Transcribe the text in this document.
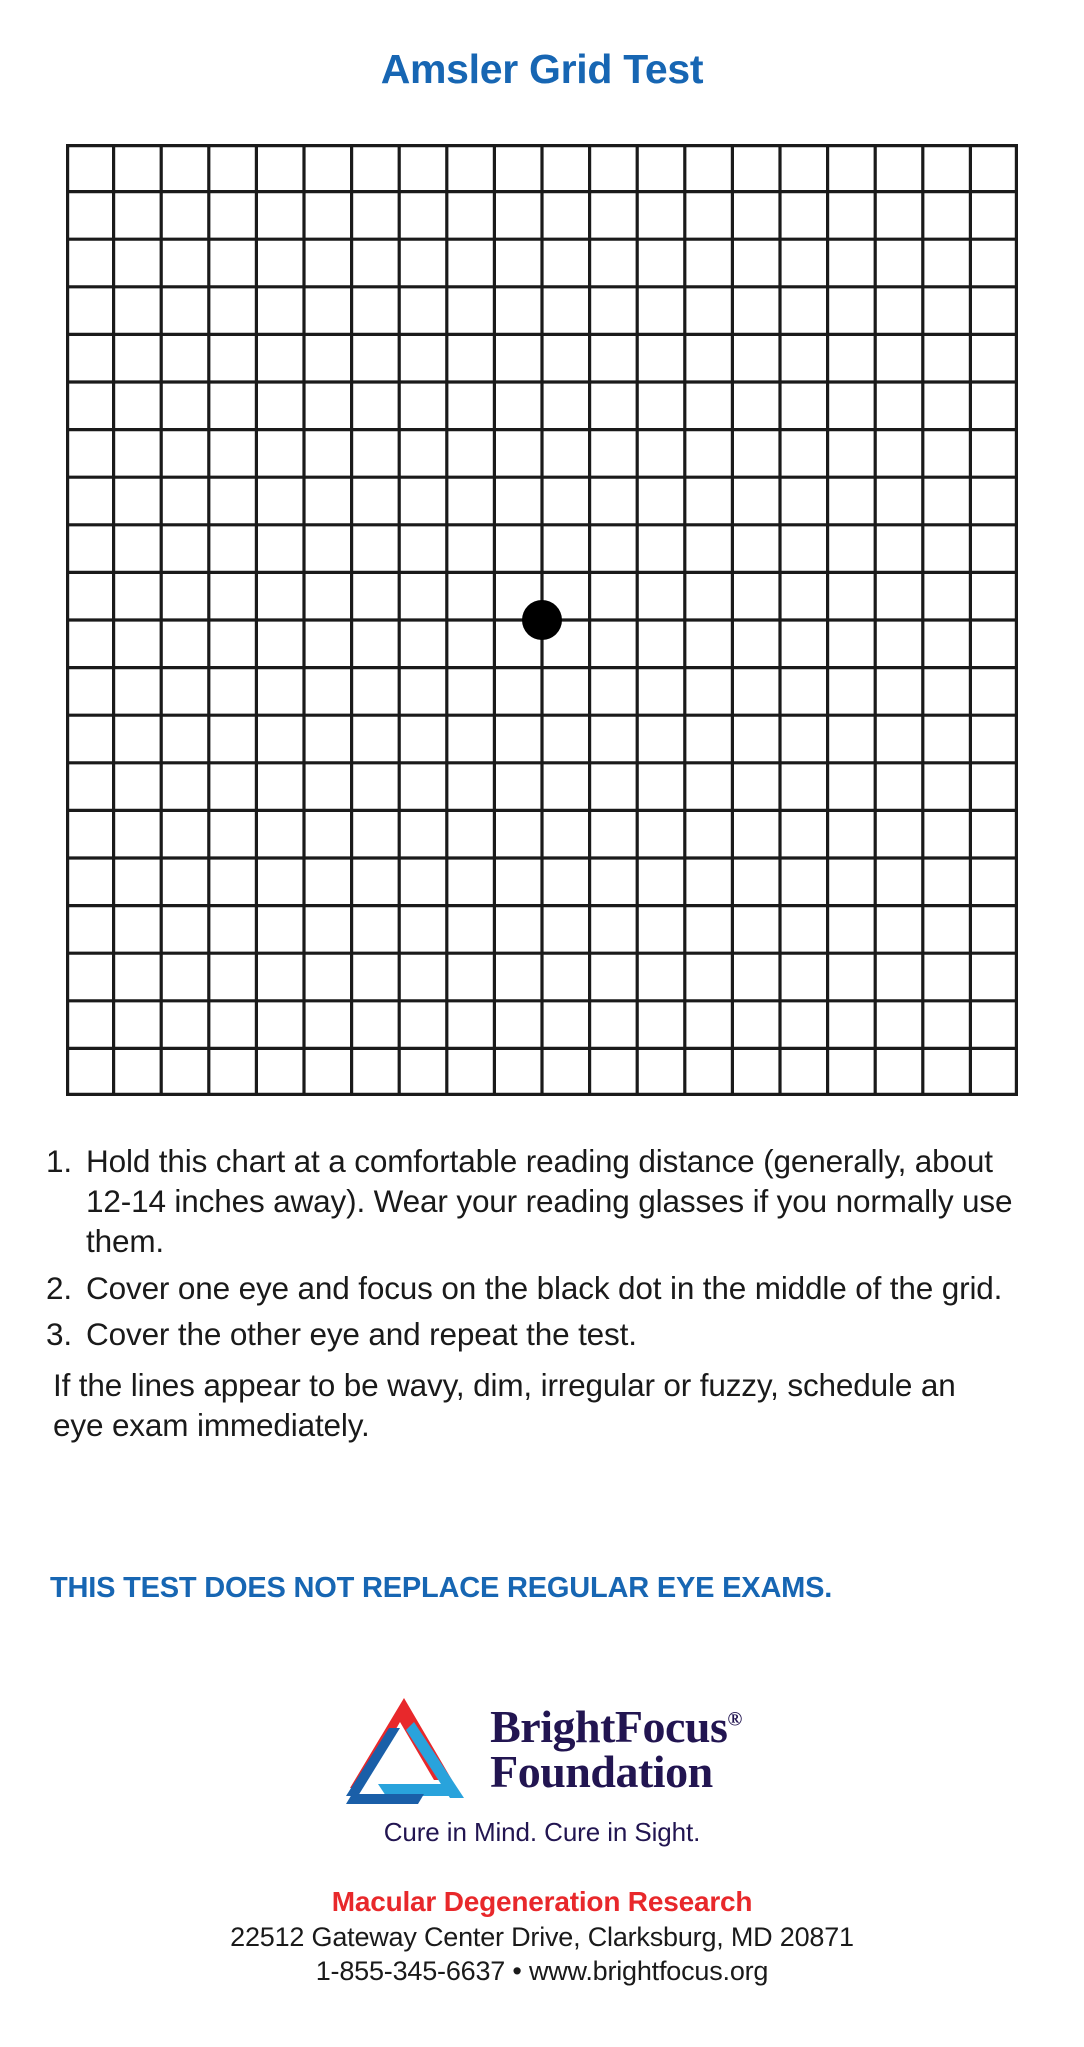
Amsler Grid Test
1. Hold this chart at a comfortable reading distance (generally, about 12-14 inches away). Wear your reading glasses if you normally use them.
2. Cover one eye and focus on the black dot in the middle of the grid.
3. Cover the other eye and repeat the test.
If the lines appear to be wavy, dim, irregular or fuzzy, schedule an eye exam immediately.
THIS TEST DOES NOT REPLACE REGULAR EYE EXAMS.
BrightFocus®
Foundation
Cure in Mind. Cure in Sight.
Macular Degeneration Research
22512 Gateway Center Drive, Clarksburg, MD 20871
1-855-345-6637 • www.brightfocus.org
